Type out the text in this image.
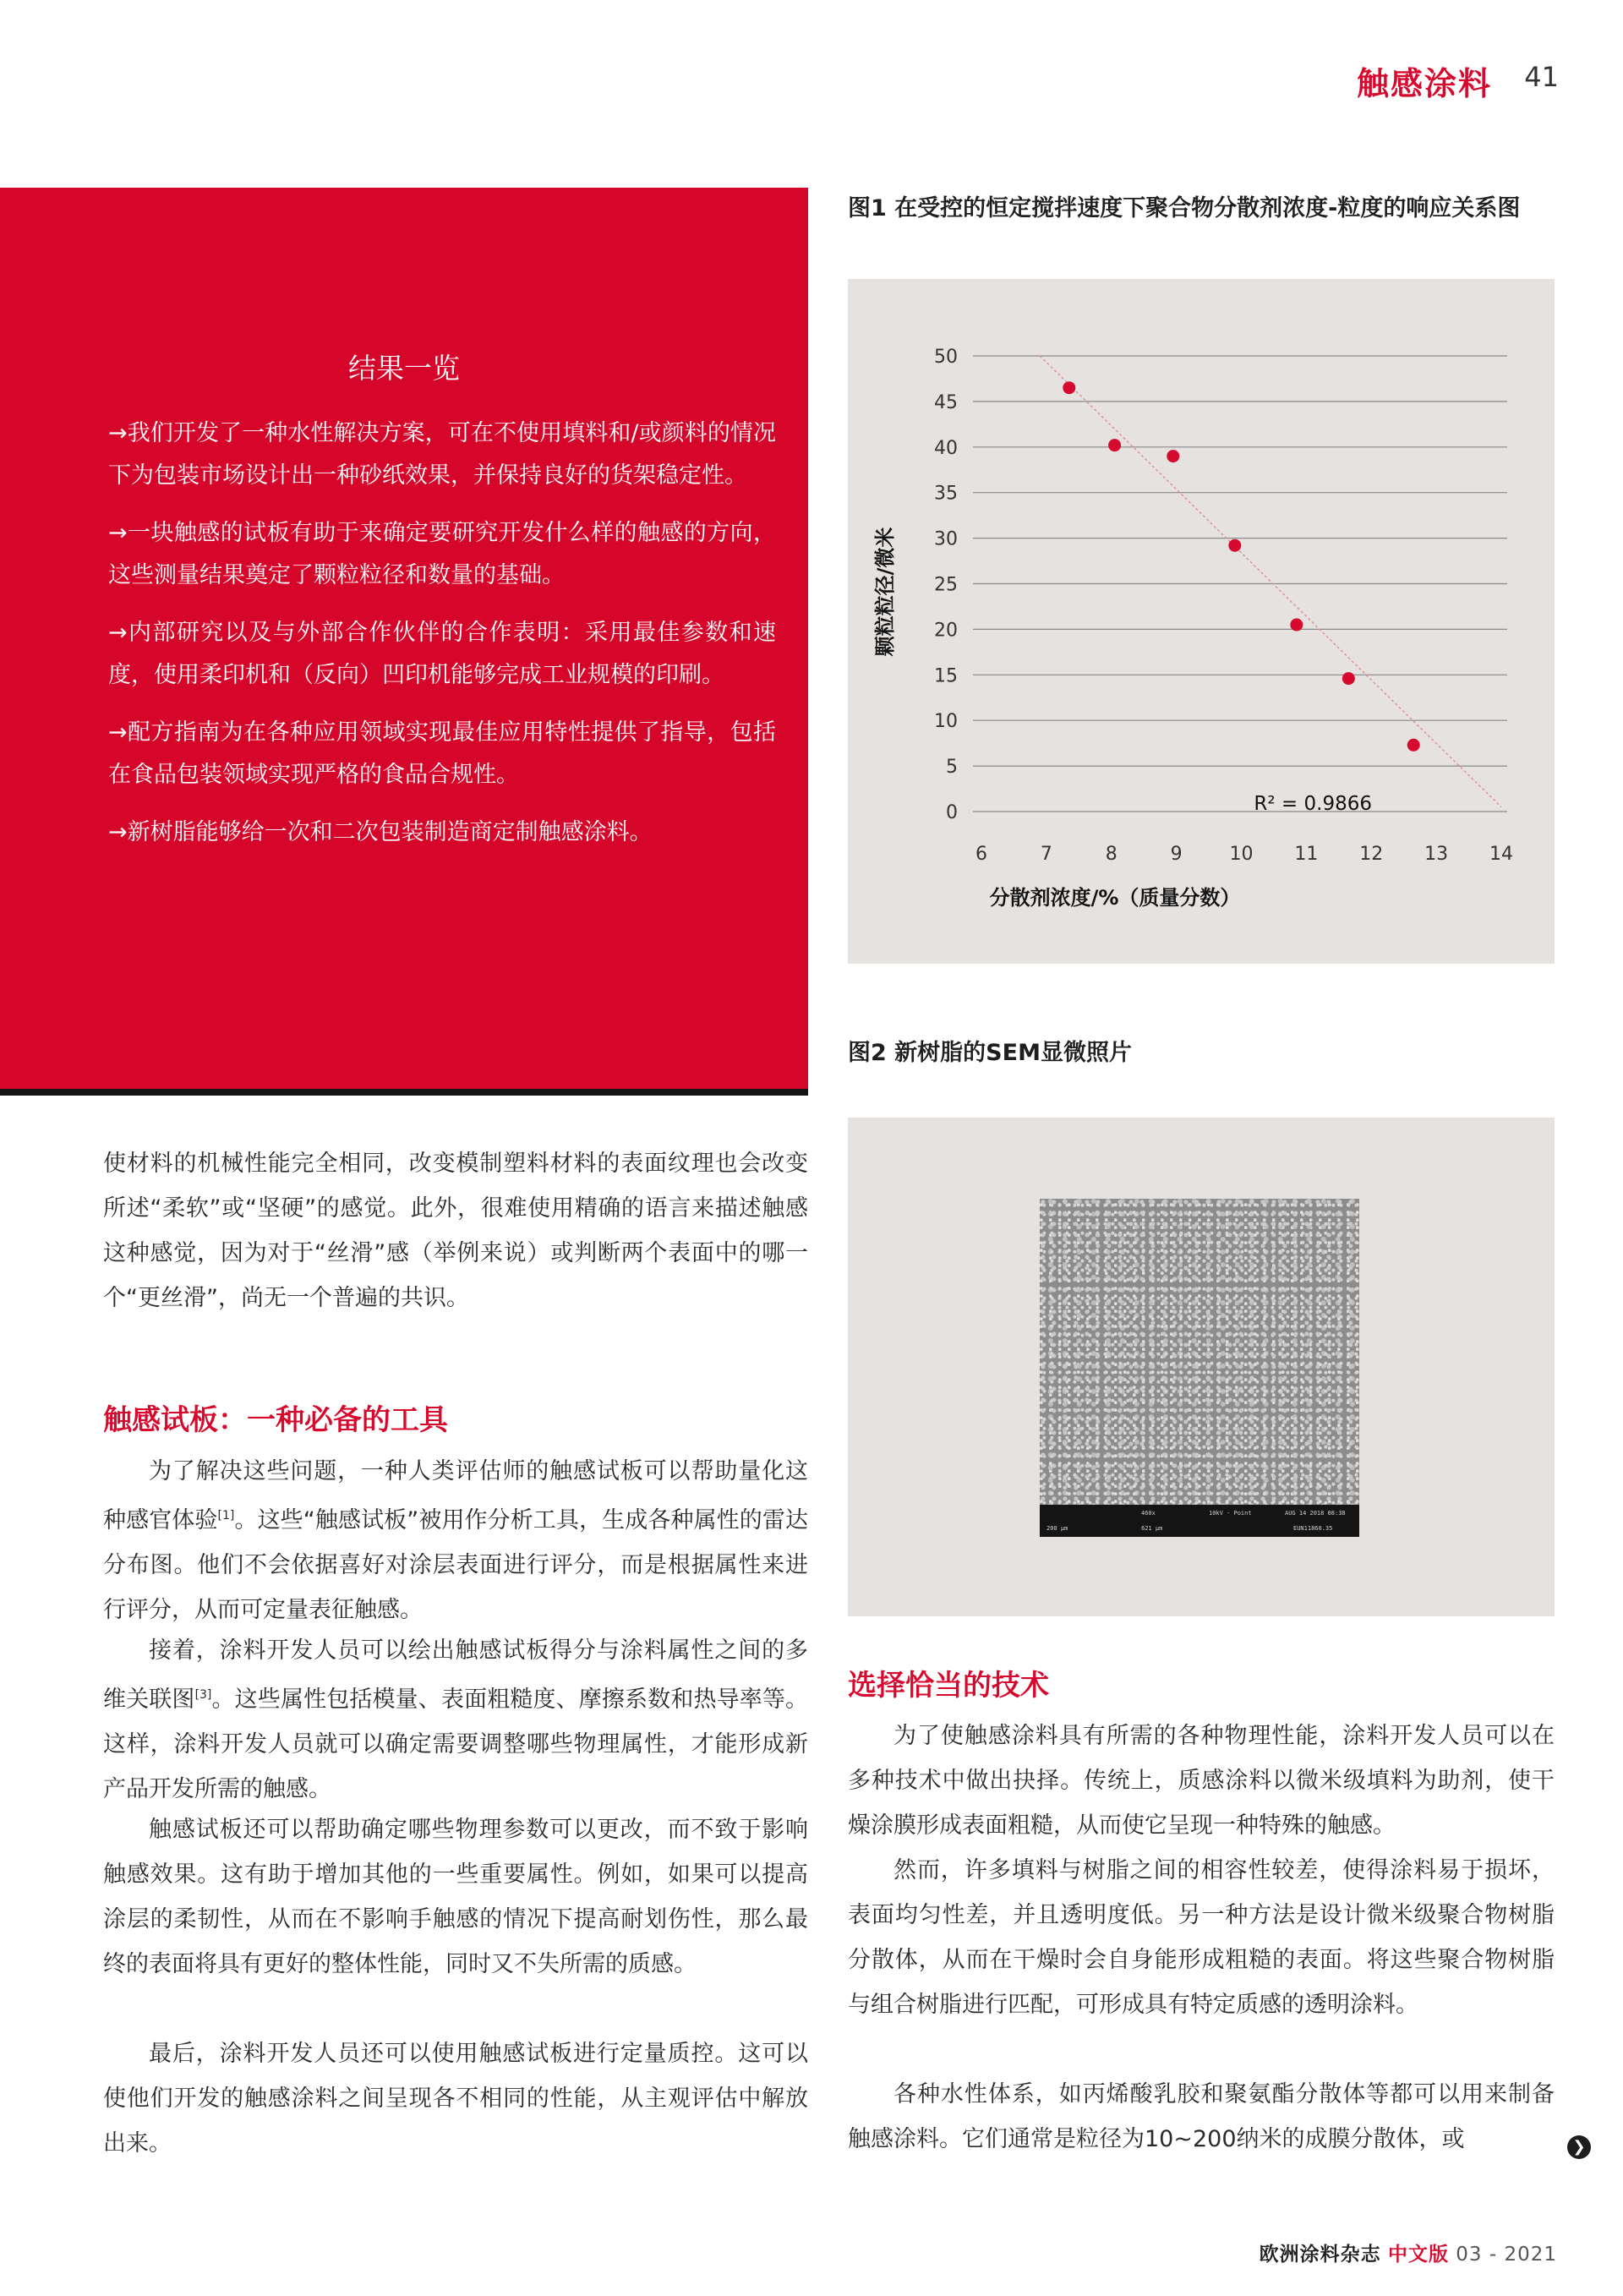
触感涂料 41
结果一览
→我们开发了一种水性解决方案，可在不使用填料和/或颜料的情况下为包装市场设计出一种砂纸效果，并保持良好的货架稳定性。
→一块触感的试板有助于来确定要研究开发什么样的触感的方向，这些测量结果奠定了颗粒粒径和数量的基础。
→内部研究以及与外部合作伙伴的合作表明：采用最佳参数和速度，使用柔印机和（反向）凹印机能够完成工业规模的印刷。
→配方指南为在各种应用领域实现最佳应用特性提供了指导，包括在食品包装领域实现严格的食品合规性。
→新树脂能够给一次和二次包装制造商定制触感涂料。
图1 在受控的恒定搅拌速度下聚合物分散剂浓度-粒度的响应关系图
0
5
10
15
20
25
30
35
40
45
50
6	7	8	9	10 11 12 13 14
R² = 0.9866
颗粒粒径/微米
分散剂浓度/%（质量分数）
图2 新树脂的SEM显微照片
200 μm
460x
621 μm
10kV - Point	AUG 14 2018 08:38
EUN11860.35

使材料的机械性能完全相同，改变模制塑料材料的表面纹理也会改变所述“柔软”或“坚硬”的感觉。此外，很难使用精确的语言来描述触感这种感觉，因为对于“丝滑”感（举例来说）或判断两个表面中的哪一个“更丝滑”，尚无一个普遍的共识。

触感试板：一种必备的工具

为了解决这些问题，一种人类评估师的触感试板可以帮助量化这种感官体验[1]。这些“触感试板”被用作分析工具，生成各种属性的雷达分布图。他们不会依据喜好对涂层表面进行评分，而是根据属性来进行评分，从而可定量表征触感。

接着，涂料开发人员可以绘出触感试板得分与涂料属性之间的多维关联图[3]。这些属性包括模量、表面粗糙度、摩擦系数和热导率等。这样，涂料开发人员就可以确定需要调整哪些物理属性，才能形成新产品开发所需的触感。

触感试板还可以帮助确定哪些物理参数可以更改，而不致于影响触感效果。这有助于增加其他的一些重要属性。例如，如果可以提高涂层的柔韧性，从而在不影响手触感的情况下提高耐划伤性，那么最终的表面将具有更好的整体性能，同时又不失所需的质感。

最后，涂料开发人员还可以使用触感试板进行定量质控。这可以使他们开发的触感涂料之间呈现各不相同的性能，从主观评估中解放出来。

选择恰当的技术

为了使触感涂料具有所需的各种物理性能，涂料开发人员可以在多种技术中做出抉择。传统上，质感涂料以微米级填料为助剂，使干燥涂膜形成表面粗糙，从而使它呈现一种特殊的触感。

然而，许多填料与树脂之间的相容性较差，使得涂料易于损坏，表面均匀性差，并且透明度低。另一种方法是设计微米级聚合物树脂分散体，从而在干燥时会自身能形成粗糙的表面。将这些聚合物树脂与组合树脂进行匹配，可形成具有特定质感的透明涂料。

各种水性体系，如丙烯酸乳胶和聚氨酯分散体等都可以用来制备触感涂料。它们通常是粒径为10~200纳米的成膜分散体，或	❯
欧洲涂料杂志 中文版 03 - 2021
